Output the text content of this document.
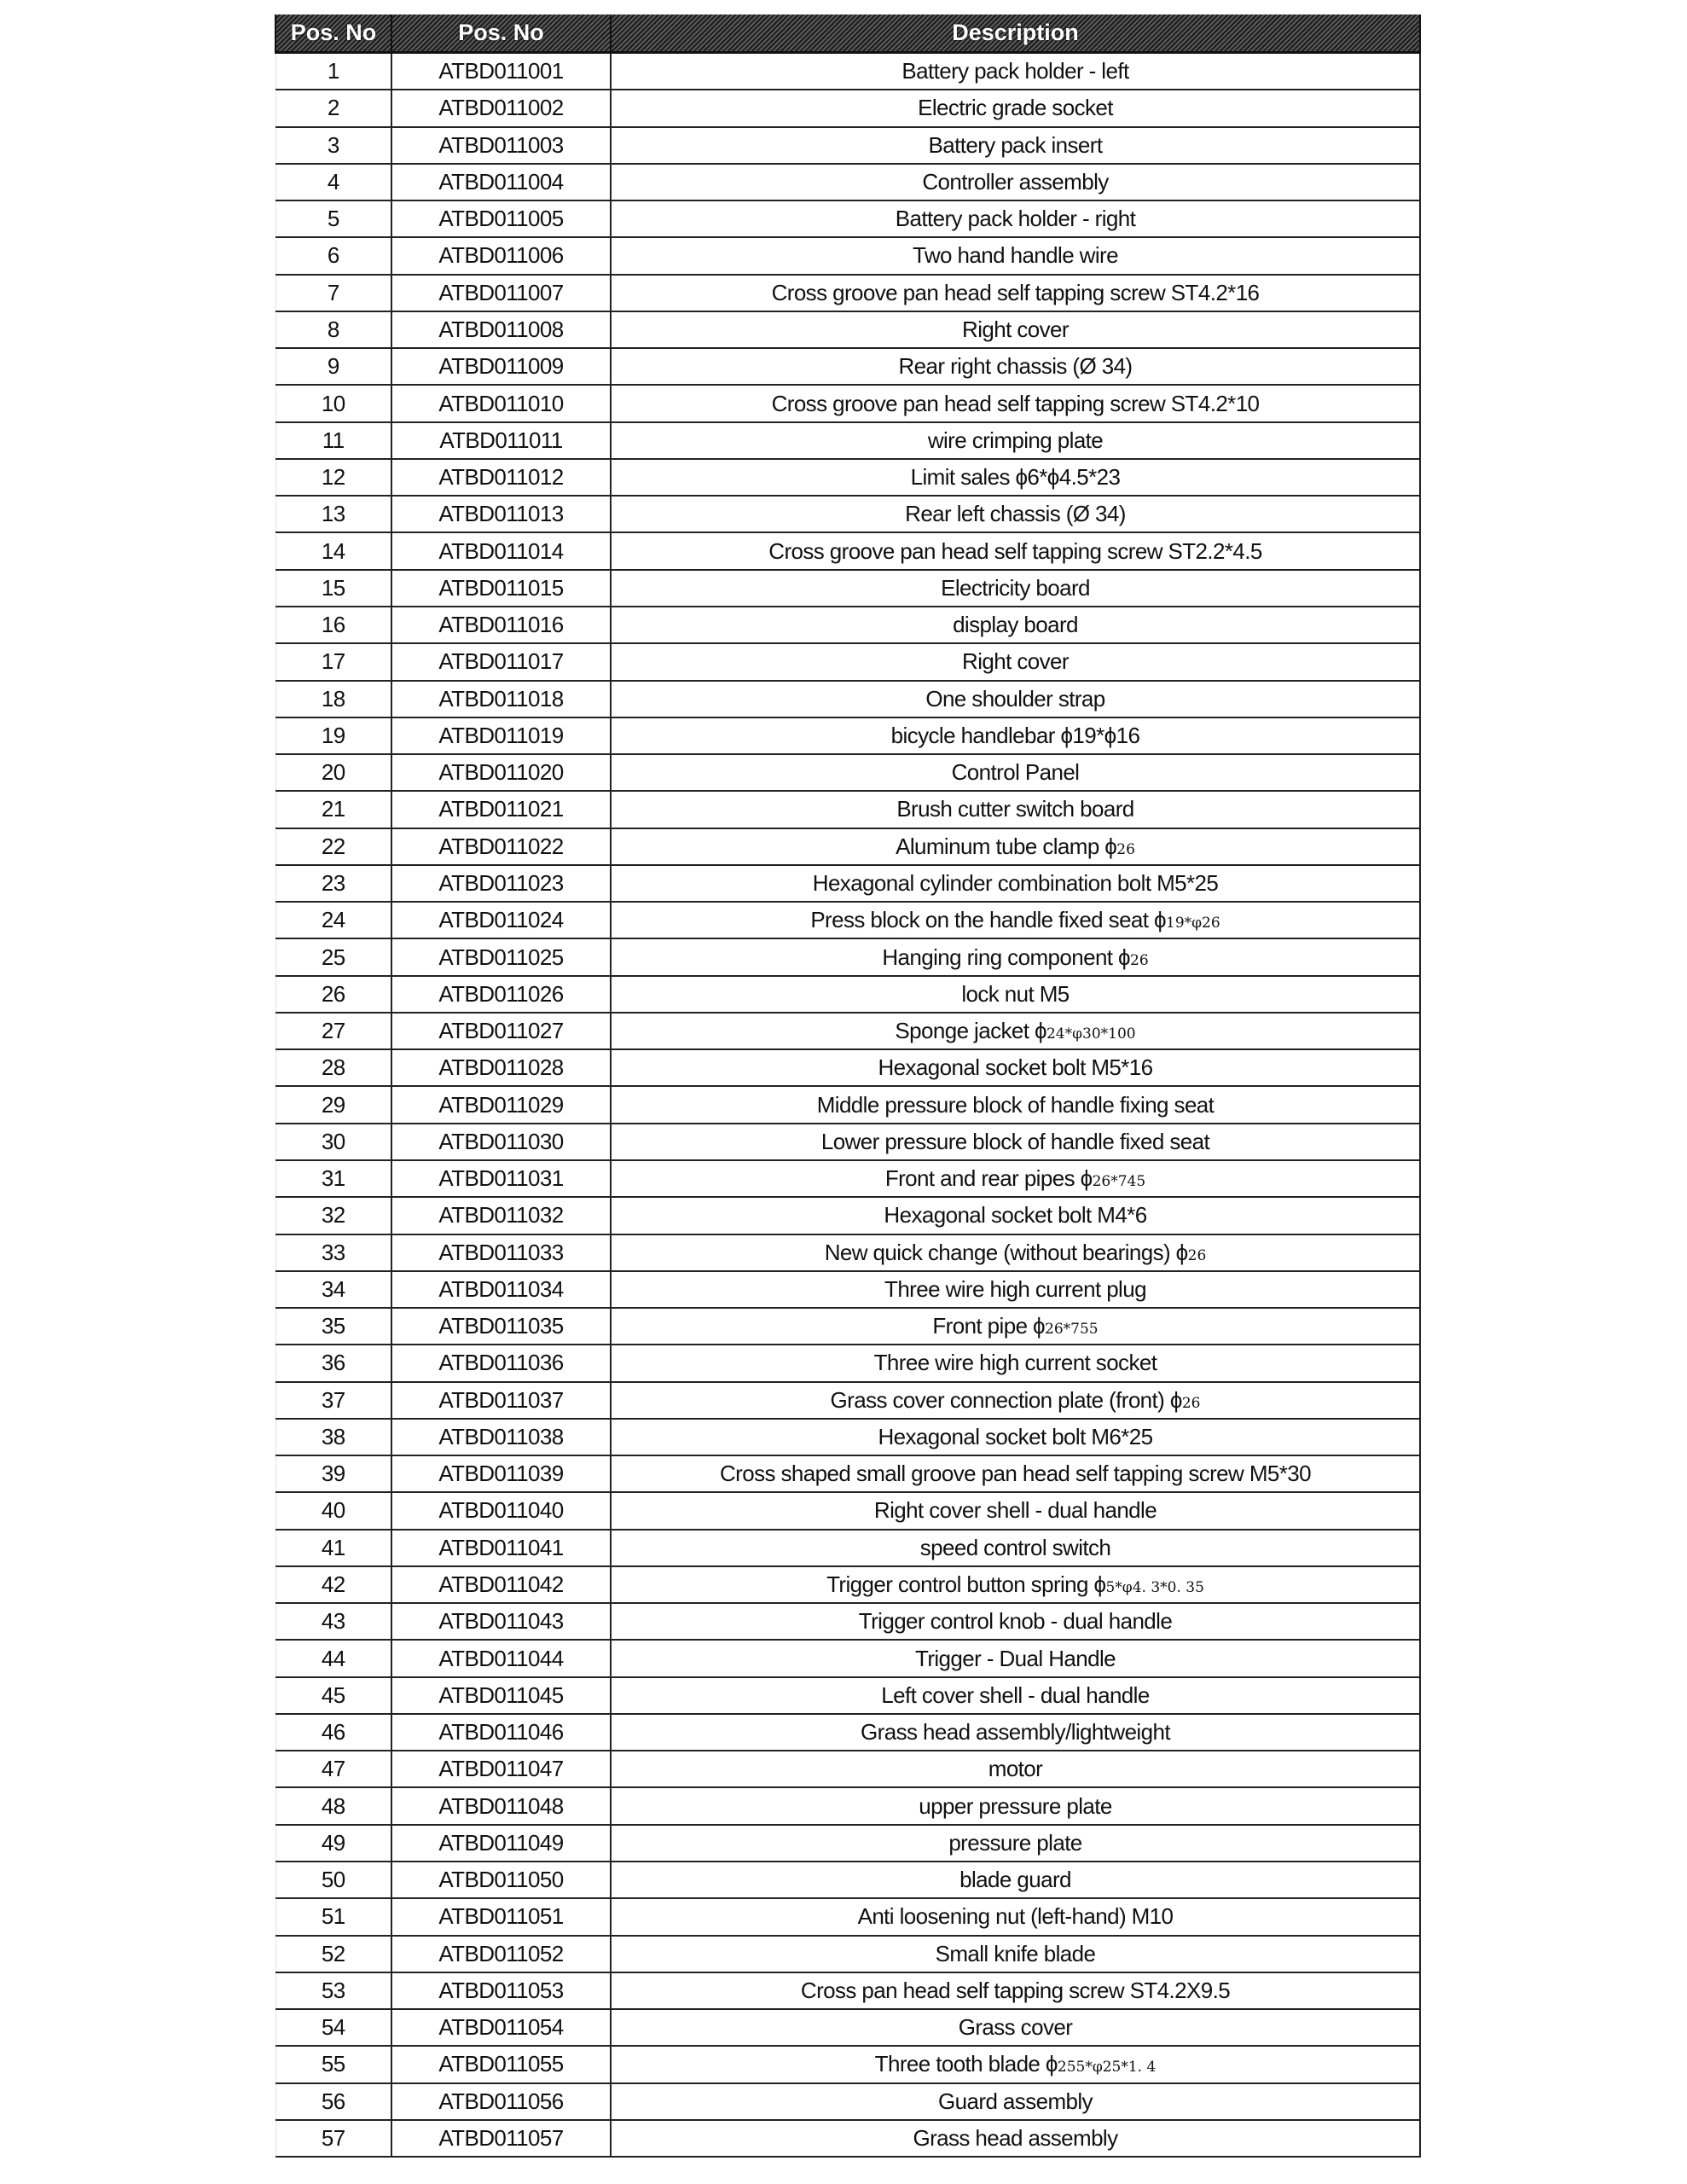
Pos. No	Pos. No	Description
1	ATBD011001	Battery pack holder - left
2	ATBD011002	Electric grade socket
3	ATBD011003	Battery pack insert
4	ATBD011004	Controller assembly
5	ATBD011005	Battery pack holder - right
6	ATBD011006	Two hand handle wire
7	ATBD011007	Cross groove pan head self tapping screw ST4.2*16
8	ATBD011008	Right cover
9	ATBD011009	Rear right chassis (Ø 34)
10	ATBD011010	Cross groove pan head self tapping screw ST4.2*10
11	ATBD011011	wire crimping plate
12	ATBD011012	Limit sales ϕ6*ϕ4.5*23
13	ATBD011013	Rear left chassis (Ø 34)
14	ATBD011014	Cross groove pan head self tapping screw ST2.2*4.5
15	ATBD011015	Electricity board
16	ATBD011016	display board
17	ATBD011017	Right cover
18	ATBD011018	One shoulder strap
19	ATBD011019	bicycle handlebar ϕ19*ϕ16
20	ATBD011020	Control Panel
21	ATBD011021	Brush cutter switch board
22	ATBD011022	Aluminum tube clamp ϕ26
23	ATBD011023	Hexagonal cylinder combination bolt M5*25
24	ATBD011024	Press block on the handle fixed seat ϕ19*φ26
25	ATBD011025	Hanging ring component ϕ26
26	ATBD011026	lock nut M5
27	ATBD011027	Sponge jacket ϕ24*φ30*100
28	ATBD011028	Hexagonal socket bolt M5*16
29	ATBD011029	Middle pressure block of handle fixing seat
30	ATBD011030	Lower pressure block of handle fixed seat
31	ATBD011031	Front and rear pipes ϕ26*745
32	ATBD011032	Hexagonal socket bolt M4*6
33	ATBD011033	New quick change (without bearings) ϕ26
34	ATBD011034	Three wire high current plug
35	ATBD011035	Front pipe ϕ26*755
36	ATBD011036	Three wire high current socket
37	ATBD011037	Grass cover connection plate (front) ϕ26
38	ATBD011038	Hexagonal socket bolt M6*25
39	ATBD011039	Cross shaped small groove pan head self tapping screw M5*30
40	ATBD011040	Right cover shell - dual handle
41	ATBD011041	speed control switch
42	ATBD011042	Trigger control button spring ϕ5*φ4. 3*0. 35
43	ATBD011043	Trigger control knob - dual handle
44	ATBD011044	Trigger - Dual Handle
45	ATBD011045	Left cover shell - dual handle
46	ATBD011046	Grass head assembly/lightweight
47	ATBD011047	motor
48	ATBD011048	upper pressure plate
49	ATBD011049	pressure plate
50	ATBD011050	blade guard
51	ATBD011051	Anti loosening nut (left-hand) M10
52	ATBD011052	Small knife blade
53	ATBD011053	Cross pan head self tapping screw ST4.2X9.5
54	ATBD011054	Grass cover
55	ATBD011055	Three tooth blade ϕ255*φ25*1. 4
56	ATBD011056	Guard assembly
57	ATBD011057	Grass head assembly
